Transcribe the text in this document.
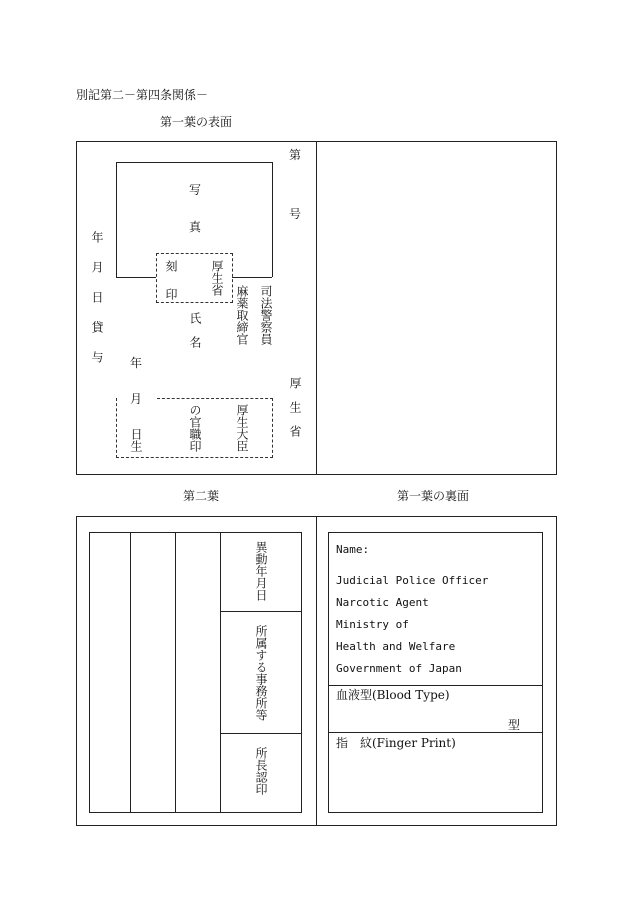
別記第二－第四条関係－
第一葉の表面
写
真
刻印	厚生省
第
号
年月日貸与	氏名	麻薬取締官 司法警察員
年
月
日生	の官職印	厚生大臣	厚生省
第二葉	第一葉の裏面
異動年月日
所属する事務所等
所長認印
Name:
Judicial Police Officer
Narcotic Agent
Ministry of
Health and Welfare
Government of Japan
血液型(Blood Type)
型
指　紋(Finger Print)
